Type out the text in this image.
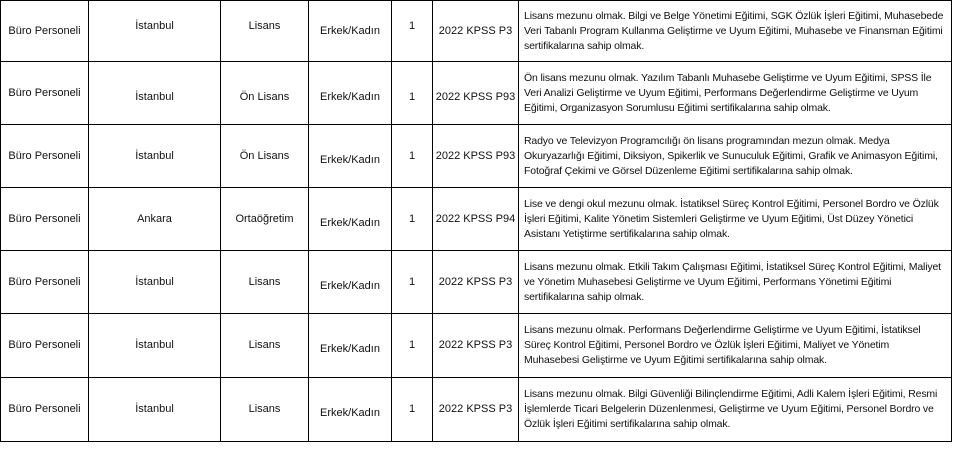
Büro Personeli	İstanbul	Lisans	Erkek/Kadın	1	2022 KPSS P3	Lisans mezunu olmak. Bilgi ve Belge Yönetimi Eğitimi, SGK Özlük İşleri Eğitimi, Muhasebede Veri Tabanlı Program Kullanma Geliştirme ve Uyum Eğitimi, Muhasebe ve Finansman Eğitimi sertifikalarına sahip olmak.
Büro Personeli	İstanbul	Ön Lisans	Erkek/Kadın	1	2022 KPSS P93	Ön lisans mezunu olmak. Yazılım Tabanlı Muhasebe Geliştirme ve Uyum Eğitimi, SPSS İle Veri Analizi Geliştirme ve Uyum Eğitimi, Performans Değerlendirme Geliştirme ve Uyum Eğitimi, Organizasyon Sorumlusu Eğitimi sertifikalarına sahip olmak.
Büro Personeli	İstanbul	Ön Lisans	Erkek/Kadın	1	2022 KPSS P93	Radyo ve Televizyon Programcılığı ön lisans programından mezun olmak. Medya Okuryazarlığı Eğitimi, Diksiyon, Spikerlik ve Sunuculuk Eğitimi, Grafik ve Animasyon Eğitimi, Fotoğraf Çekimi ve Görsel Düzenleme Eğitimi sertifikalarına sahip olmak.
Büro Personeli	Ankara	Ortaöğretim	Erkek/Kadın	1	2022 KPSS P94	Lise ve dengi okul mezunu olmak. İstatiksel Süreç Kontrol Eğitimi, Personel Bordro ve Özlük İşleri Eğitimi, Kalite Yönetim Sistemleri Geliştirme ve Uyum Eğitimi, Üst Düzey Yönetici Asistanı Yetiştirme sertifikalarına sahip olmak.
Büro Personeli	İstanbul	Lisans	Erkek/Kadın	1	2022 KPSS P3	Lisans mezunu olmak. Etkili Takım Çalışması Eğitimi, İstatiksel Süreç Kontrol Eğitimi, Maliyet ve Yönetim Muhasebesi Geliştirme ve Uyum Eğitimi, Performans Yönetimi Eğitimi sertifikalarına sahip olmak.
Büro Personeli	İstanbul	Lisans	Erkek/Kadın	1	2022 KPSS P3	Lisans mezunu olmak. Performans Değerlendirme Geliştirme ve Uyum Eğitimi, İstatiksel Süreç Kontrol Eğitimi, Personel Bordro ve Özlük İşleri Eğitimi, Maliyet ve Yönetim Muhasebesi Geliştirme ve Uyum Eğitimi sertifikalarına sahip olmak.
Büro Personeli	İstanbul	Lisans	Erkek/Kadın	1	2022 KPSS P3	Lisans mezunu olmak. Bilgi Güvenliği Bilinçlendirme Eğitimi, Adli Kalem İşleri Eğitimi, Resmi İşlemlerde Ticari Belgelerin Düzenlenmesi, Geliştirme ve Uyum Eğitimi, Personel Bordro ve Özlük İşleri Eğitimi sertifikalarına sahip olmak.
